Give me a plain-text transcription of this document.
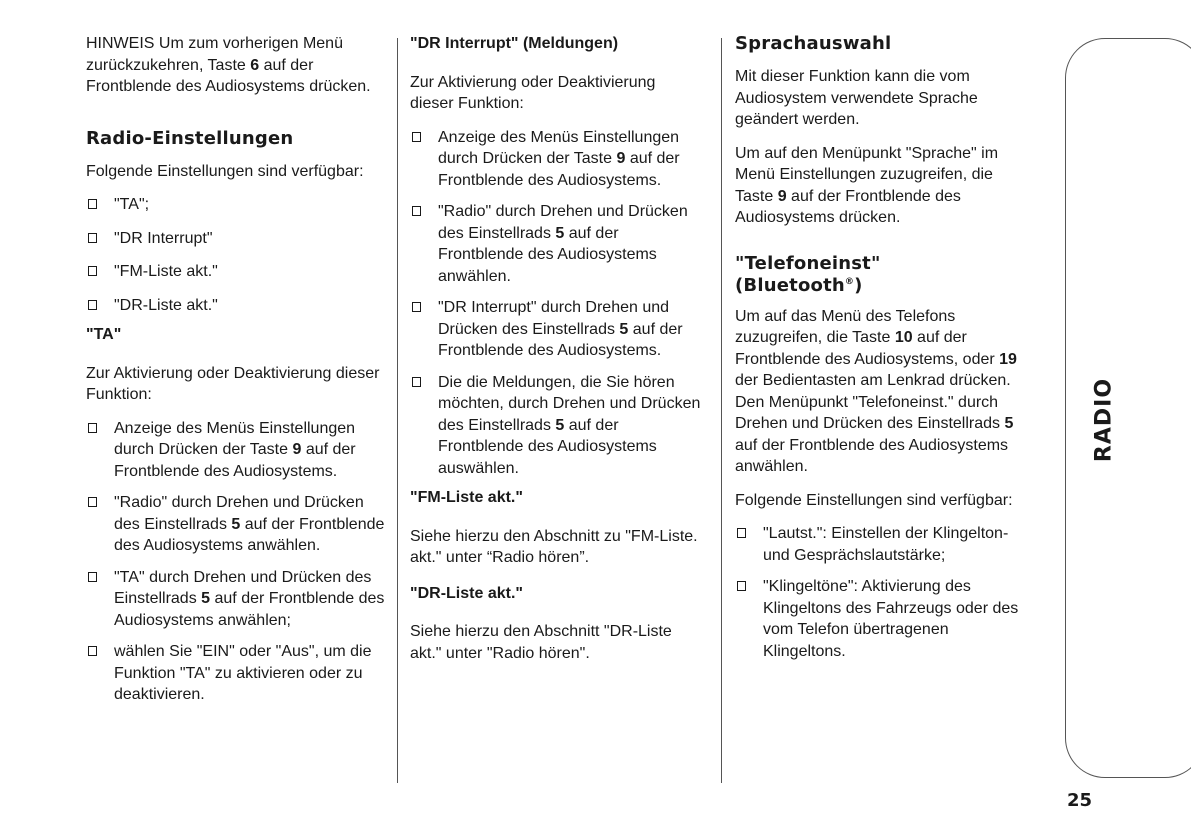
RADIO
25

HINWEIS Um zum vorherigen Menü zurückzukehren, Taste 6 auf der Frontblende des Audiosystems drücken.

Radio-Einstellungen

Folgende Einstellungen sind verfügbar:

"TA";
"DR Interrupt"
"FM-Liste akt."
"DR-Liste akt."
"TA"

Zur Aktivierung oder Deaktivierung dieser Funktion:

Anzeige des Menüs Einstellungen durch Drücken der Taste 9 auf der Frontblende des Audiosystems.
"Radio" durch Drehen und Drücken des Einstellrads 5 auf der Frontblende des Audiosystems anwählen.
"TA" durch Drehen und Drücken des Einstellrads 5 auf der Frontblende des Audiosystems anwählen;
wählen Sie "EIN" oder "Aus", um die Funktion "TA" zu aktivieren oder zu deaktivieren.
"DR Interrupt" (Meldungen)

Zur Aktivierung oder Deaktivierung dieser Funktion:

Anzeige des Menüs Einstellungen durch Drücken der Taste 9 auf der Frontblende des Audiosystems.
"Radio" durch Drehen und Drücken des Einstellrads 5 auf der Frontblende des Audiosystems anwählen.
"DR Interrupt" durch Drehen und Drücken des Einstellrads 5 auf der Frontblende des Audiosystems.
Die die Meldungen, die Sie hören möchten, durch Drehen und Drücken des Einstellrads 5 auf der Frontblende des Audiosystems auswählen.
"FM-Liste akt."

Siehe hierzu den Abschnitt zu "FM-Liste. akt." unter “Radio hören”.

"DR-Liste akt."

Siehe hierzu den Abschnitt "DR-Liste akt." unter "Radio hören".

Sprachauswahl

Mit dieser Funktion kann die vom Audiosystem verwendete Sprache geändert werden.

Um auf den Menüpunkt "Sprache" im Menü Einstellungen zuzugreifen, die Taste 9 auf der Frontblende des Audiosystems drücken.

"Telefoneinst"
(Bluetooth®)

Um auf das Menü des Telefons zuzugreifen, die Taste 10 auf der Frontblende des Audiosystems, oder 19 der Bedientasten am Lenkrad drücken. Den Menüpunkt "Telefoneinst." durch Drehen und Drücken des Einstellrads 5 auf der Frontblende des Audiosystems anwählen.

Folgende Einstellungen sind verfügbar:

"Lautst.": Einstellen der Klingelton- und Gesprächslautstärke;
"Klingeltöne": Aktivierung des Klingeltons des Fahrzeugs oder des vom Telefon übertragenen Klingeltons.
